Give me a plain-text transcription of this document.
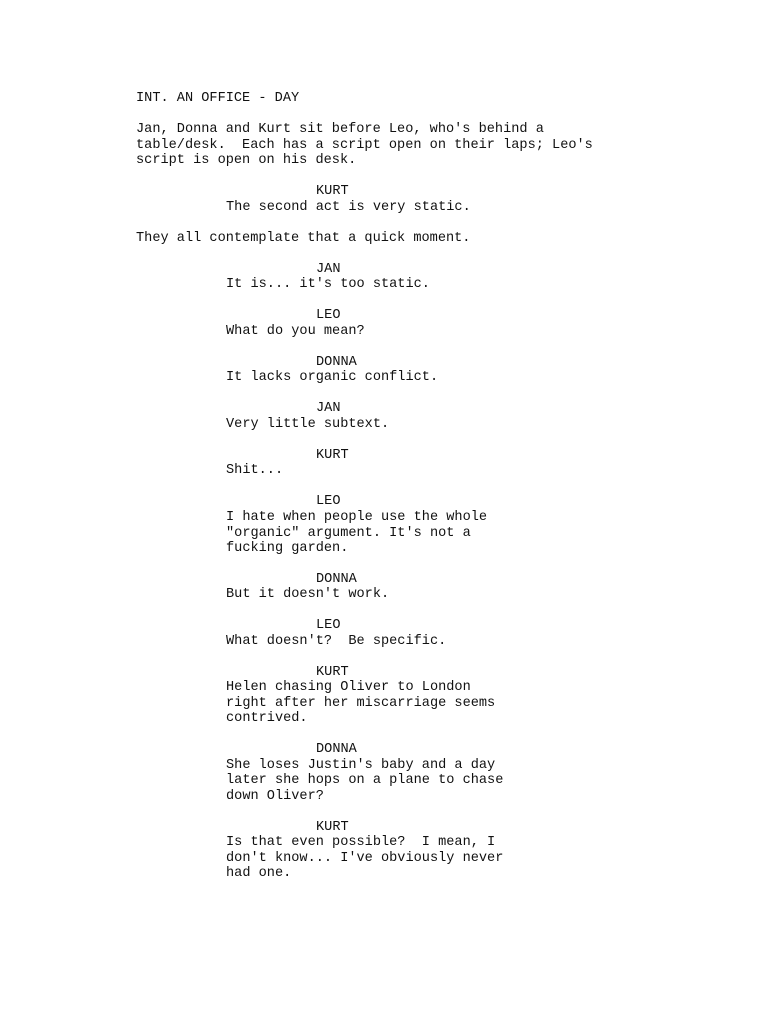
INT. AN OFFICE - DAY
Jan, Donna and Kurt sit before Leo, who's behind a
table/desk.  Each has a script open on their laps; Leo's
script is open on his desk.
KURT
The second act is very static.
They all contemplate that a quick moment.
JAN
It is... it's too static.
LEO
What do you mean?
DONNA
It lacks organic conflict.
JAN
Very little subtext.
KURT
Shit...
LEO
I hate when people use the whole
"organic" argument. It's not a
fucking garden.
DONNA
But it doesn't work.
LEO
What doesn't?  Be specific.
KURT
Helen chasing Oliver to London
right after her miscarriage seems
contrived.
DONNA
She loses Justin's baby and a day
later she hops on a plane to chase
down Oliver?
KURT
Is that even possible?  I mean, I
don't know... I've obviously never
had one.
